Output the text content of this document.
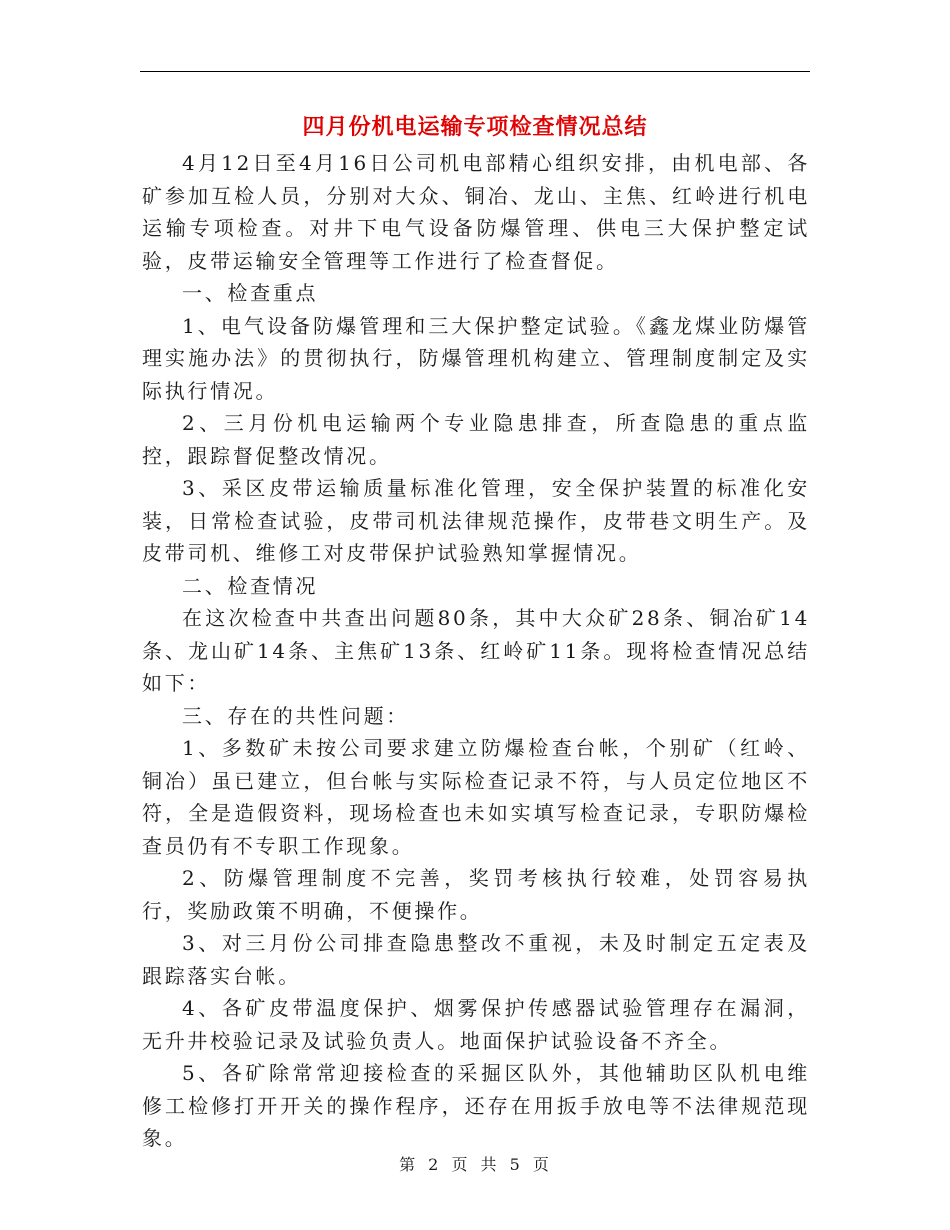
四月份机电运输专项检查情况总结

4月12日至4月16日公司机电部精心组织安排，由机电部、各矿参加互检人员，分别对大众、铜冶、龙山、主焦、红岭进行机电运输专项检查。对井下电气设备防爆管理、供电三大保护整定试验，皮带运输安全管理等工作进行了检查督促。

一、检查重点

1、电气设备防爆管理和三大保护整定试验。《鑫龙煤业防爆管理实施办法》的贯彻执行，防爆管理机构建立、管理制度制定及实际执行情况。

2、三月份机电运输两个专业隐患排查，所查隐患的重点监控，跟踪督促整改情况。

3、采区皮带运输质量标准化管理，安全保护装置的标准化安装，日常检查试验，皮带司机法律规范操作，皮带巷文明生产。及皮带司机、维修工对皮带保护试验熟知掌握情况。

二、检查情况

在这次检查中共查出问题80条，其中大众矿28条、铜冶矿14条、龙山矿14条、主焦矿13条、红岭矿11条。现将检查情况总结如下：

三、存在的共性问题：

1、多数矿未按公司要求建立防爆检查台帐，个别矿（红岭、铜冶）虽已建立，但台帐与实际检查记录不符，与人员定位地区不符，全是造假资料，现场检查也未如实填写检查记录，专职防爆检查员仍有不专职工作现象。

2、防爆管理制度不完善，奖罚考核执行较难，处罚容易执行，奖励政策不明确，不便操作。

3、对三月份公司排查隐患整改不重视，未及时制定五定表及跟踪落实台帐。

4、各矿皮带温度保护、烟雾保护传感器试验管理存在漏洞，无升井校验记录及试验负责人。地面保护试验设备不齐全。

5、各矿除常常迎接检查的采掘区队外，其他辅助区队机电维修工检修打开开关的操作程序，还存在用扳手放电等不法律规范现象。

第 2 页 共 5 页
